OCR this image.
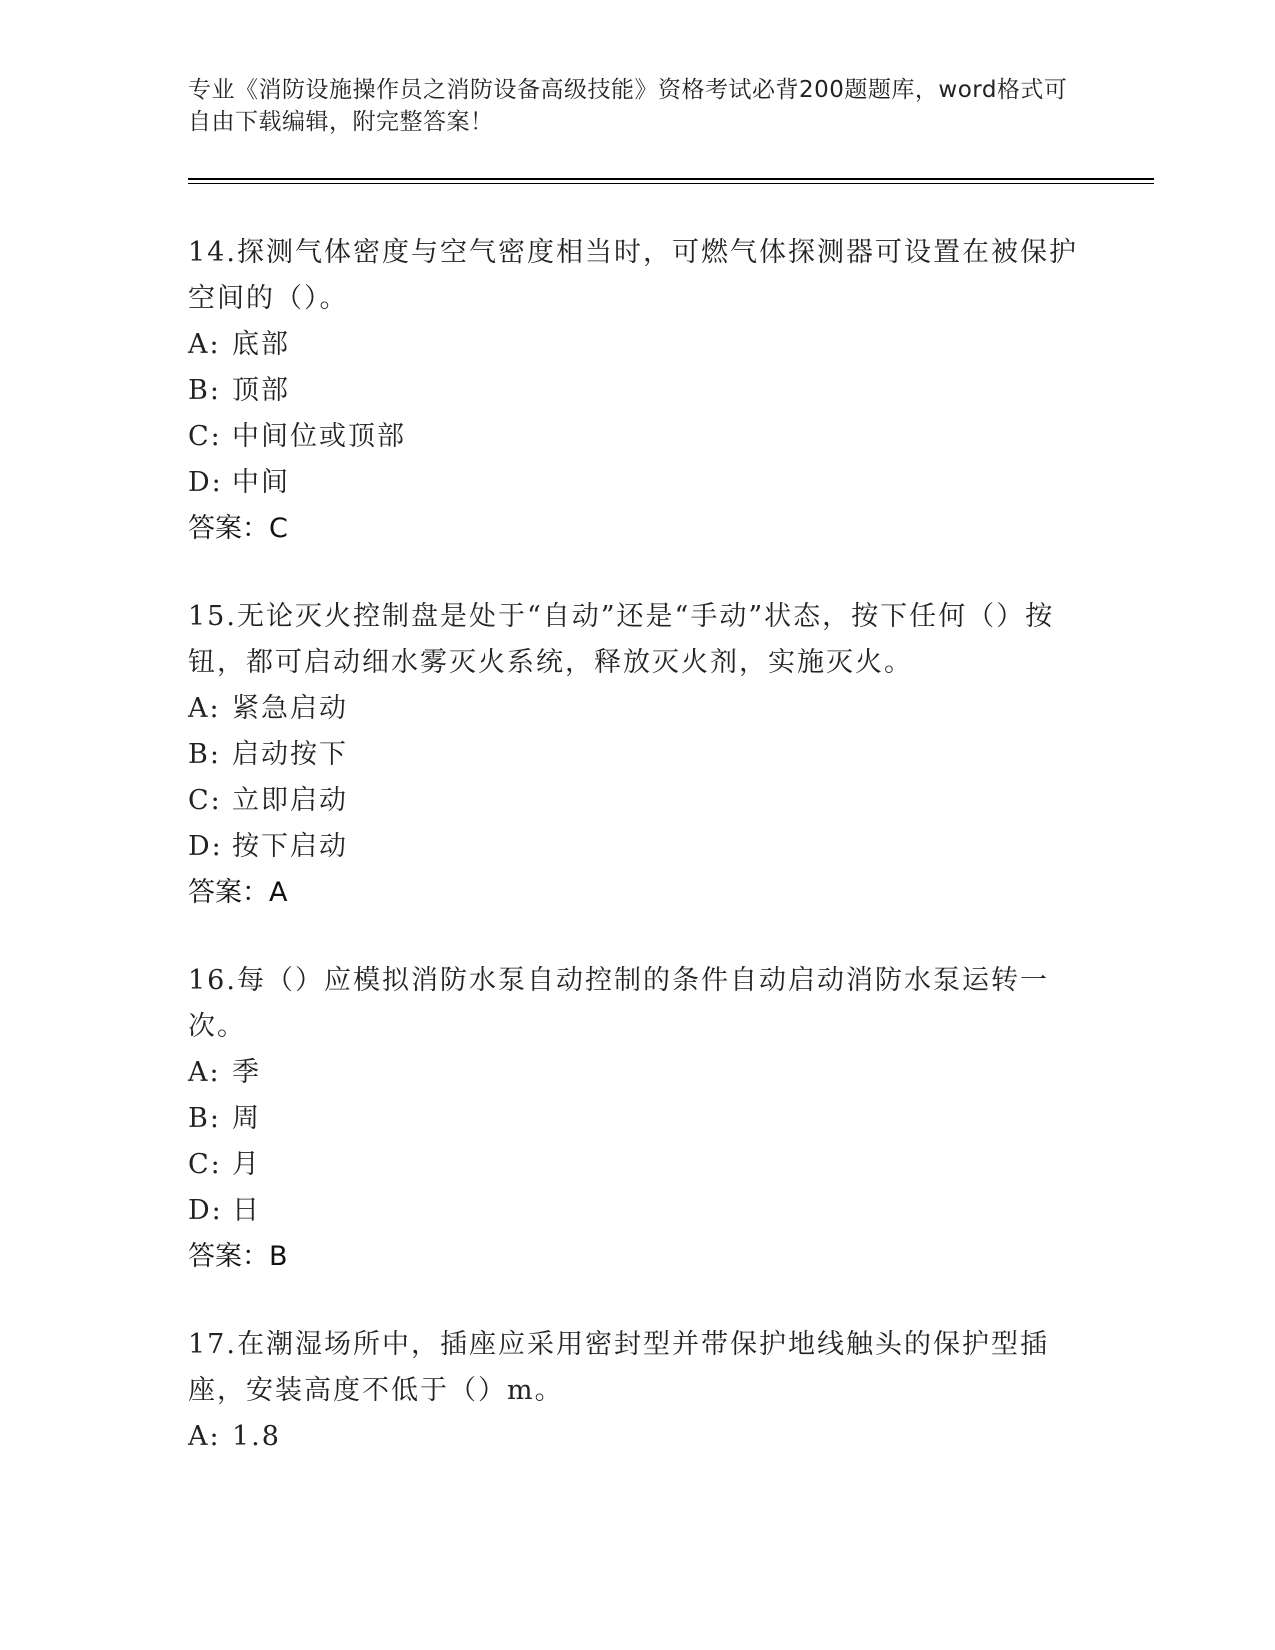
专业《消防设施操作员之消防设备高级技能》资格考试必背200题题库，word格式可自由下载编辑，附完整答案！
14.探测气体密度与空气密度相当时，可燃气体探测器可设置在被保护空间的（）。
A: 底部
B: 顶部
C: 中间位或顶部
D: 中间
答案：C
15.无论灭火控制盘是处于“自动”还是“手动”状态，按下任何（）按钮，都可启动细水雾灭火系统，释放灭火剂，实施灭火。
A: 紧急启动
B: 启动按下
C: 立即启动
D: 按下启动
答案：A
16.每（）应模拟消防水泵自动控制的条件自动启动消防水泵运转一次。
A: 季
B: 周
C: 月
D: 日
答案：B
17.在潮湿场所中，插座应采用密封型并带保护地线触头的保护型插座，安装高度不低于（）m。
A: 1.8
